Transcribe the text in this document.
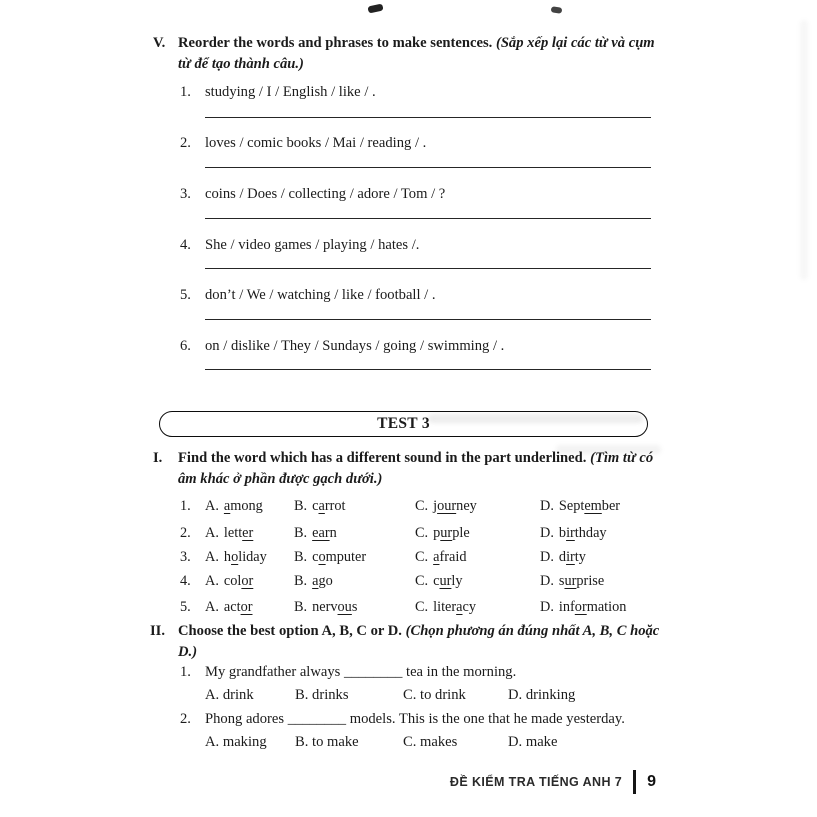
V. Reorder the words and phrases to make sentences. (Sắp xếp lại các từ và cụm từ để tạo thành câu.)
1. studying / I / English / like / .
2. loves / comic books / Mai / reading / .
3. coins / Does / collecting / adore / Tom / ?
4. She / video games / playing / hates /.
5. don’t / We / watching / like / football / .
6. on / dislike / They / Sundays / going / swimming / .
TEST 3
I. Find the word which has a different sound in the part underlined. (Tìm từ có âm khác ở phần được gạch dưới.)
1. A. among B. carrot	C. journey	D. September
2. A. letter	B. earn	C. purple	D. birthday
3. A. holiday B. computer	C. afraid	D. dirty
4. A. color	B. ago	C. curly	D. surprise
5. A. actor	B. nervous	C. literacy	D. information
II. Choose the best option A, B, C or D. (Chọn phương án đúng nhất A, B, C hoặc D.)
1. My grandfather always ________ tea in the morning.
A. drink	B. drinks	C. to drink	D. drinking
2. Phong adores ________ models. This is the one that he made yesterday.
A. making B. to make	C. makes	D. make
ĐỀ KIỂM TRA TIẾNG ANH 7 9
